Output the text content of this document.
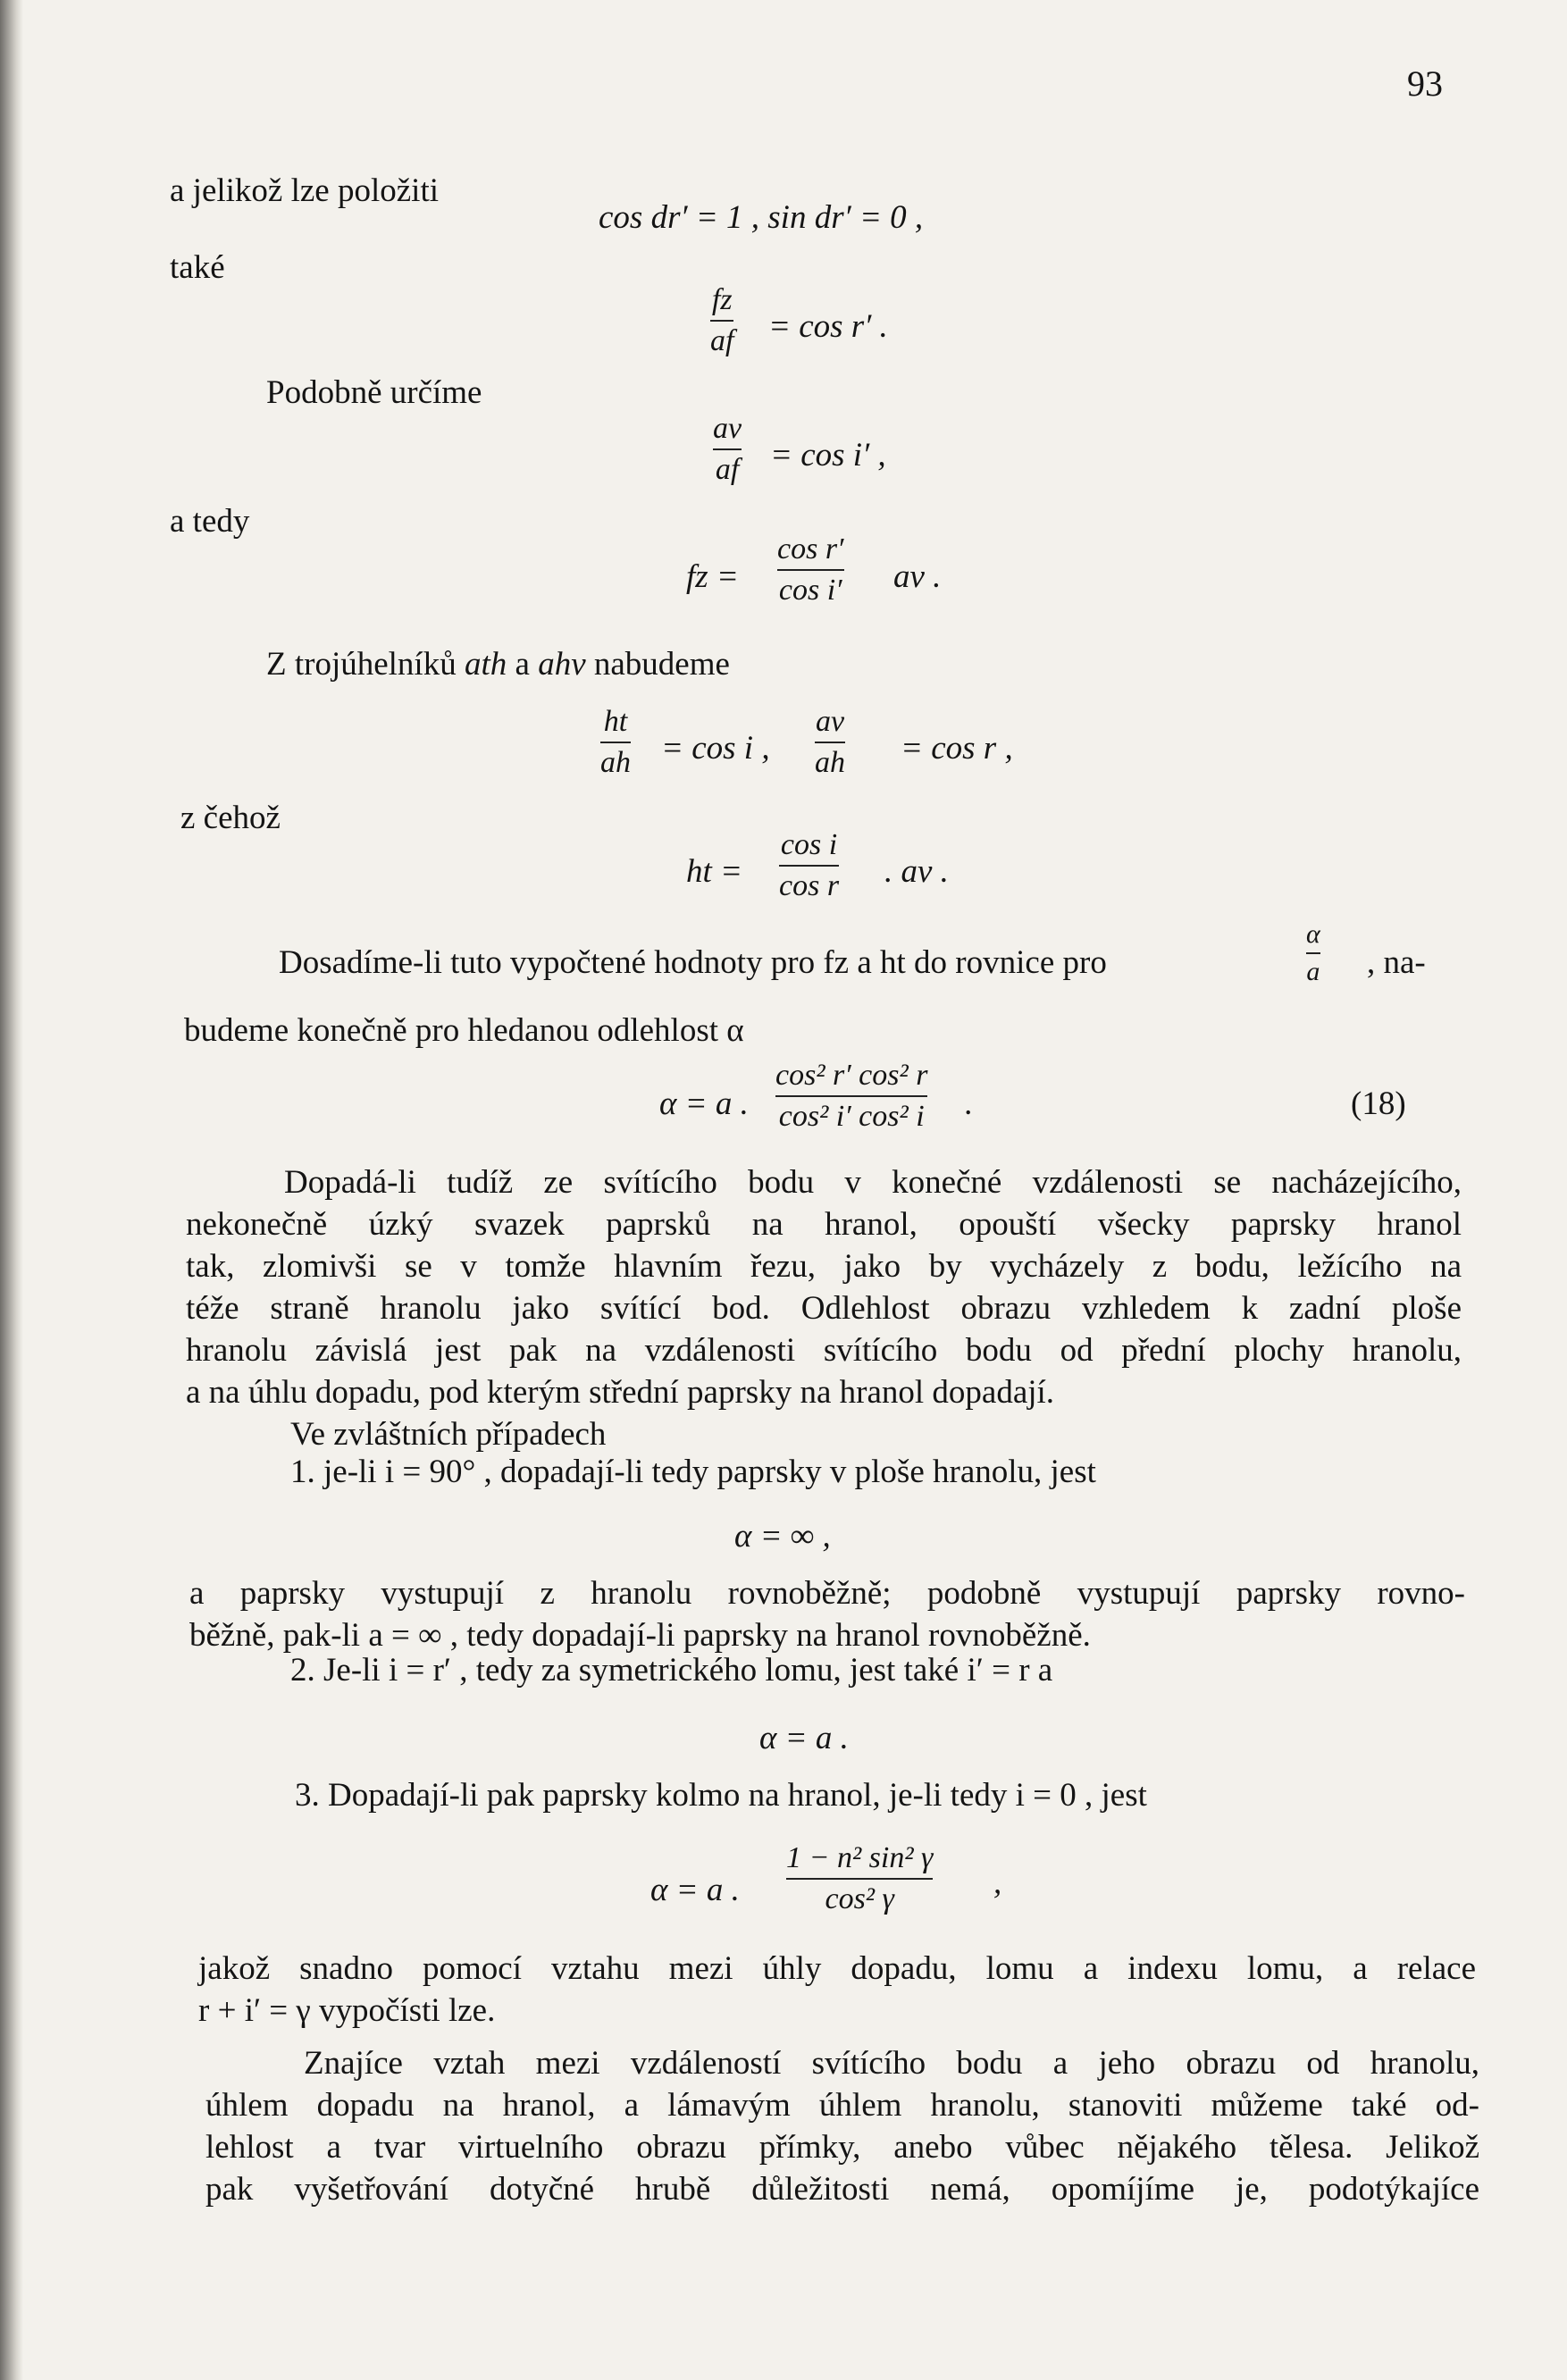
93
a jelikož lze položiti
cos dr′ = 1 , sin dr′ = 0 ,
také
fz
af = cos r′ .
Podobně určíme
av
af = cos i′ ,
a tedy
fz =
cos r′
cos i′ av .
Z trojúhelníků ath a ahv nabudeme
ht
ah = cos i ,
av
ah = cos r ,
z čehož
ht =
cos i
cos r . av .
Dosadíme-li tuto vypočtené hodnoty pro fz a ht do rovnice pro
α
a , na-
budeme konečně pro hledanou odlehlost α
α = a .
cos² r′ cos² r
cos² i′ cos² i .	(18)
Dopadá-li tudíž ze svítícího bodu v konečné vzdálenosti se nacházejícího,
nekonečně úzký svazek paprsků na hranol, opouští všecky paprsky hranol
tak, zlomivši se v tomže hlavním řezu, jako by vycházely z bodu, ležícího na
téže straně hranolu jako svítící bod. Odlehlost obrazu vzhledem k zadní ploše
hranolu závislá jest pak na vzdálenosti svítícího bodu od přední plochy hranolu,
a na úhlu dopadu, pod kterým střední paprsky na hranol dopadají.
Ve zvláštních případech
1. je-li i = 90° , dopadají-li tedy paprsky v ploše hranolu, jest
α = ∞ ,
a paprsky vystupují z hranolu rovnoběžně; podobně vystupují paprsky rovno-
běžně, pak-li a = ∞ , tedy dopadají-li paprsky na hranol rovnoběžně.
2. Je-li i = r′ , tedy za symetrického lomu, jest také i′ = r a
α = a .
3. Dopadají-li pak paprsky kolmo na hranol, je-li tedy i = 0 , jest
α = a .
1 − n² sin² γ
cos² γ	,
jakož snadno pomocí vztahu mezi úhly dopadu, lomu a indexu lomu, a relace
r + i′ = γ vypočísti lze.
Znajíce vztah mezi vzdáleností svítícího bodu a jeho obrazu od hranolu,
úhlem dopadu na hranol, a lámavým úhlem hranolu, stanoviti můžeme také od-
lehlost a tvar virtuelního obrazu přímky, anebo vůbec nějakého tělesa. Jelikož
pak vyšetřování dotyčné hrubě důležitosti nemá, opomíjíme je, podotýkajíce
